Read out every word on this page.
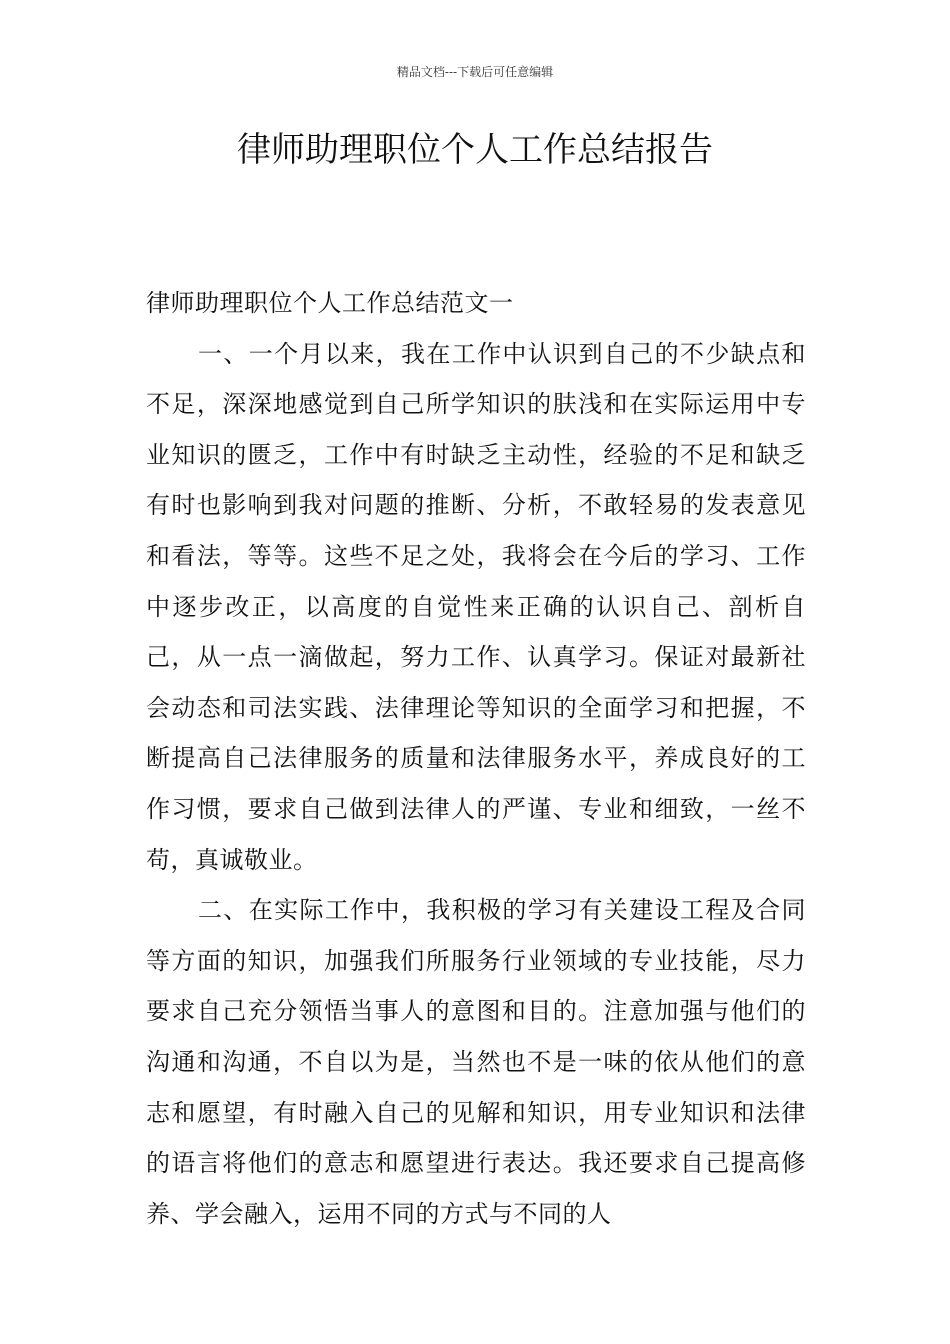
精品文档---下载后可任意编辑
律师助理职位个人工作总结报告

律师助理职位个人工作总结范文一

一、一个月以来，我在工作中认识到自己的不少缺点和不足，深深地感觉到自己所学知识的肤浅和在实际运用中专业知识的匮乏，工作中有时缺乏主动性，经验的不足和缺乏有时也影响到我对问题的推断、分析，不敢轻易的发表意见和看法，等等。这些不足之处，我将会在今后的学习、工作中逐步改正，以高度的自觉性来正确的认识自己、剖析自己，从一点一滴做起，努力工作、认真学习。保证对最新社会动态和司法实践、法律理论等知识的全面学习和把握，不断提高自己法律服务的质量和法律服务水平，养成良好的工作习惯，要求自己做到法律人的严谨、专业和细致，一丝不苟，真诚敬业。

二、在实际工作中，我积极的学习有关建设工程及合同等方面的知识，加强我们所服务行业领域的专业技能，尽力要求自己充分领悟当事人的意图和目的。注意加强与他们的沟通和沟通，不自以为是，当然也不是一味的依从他们的意志和愿望，有时融入自己的见解和知识，用专业知识和法律的语言将他们的意志和愿望进行表达。我还要求自己提高修养、学会融入，运用不同的方式与不同的人
